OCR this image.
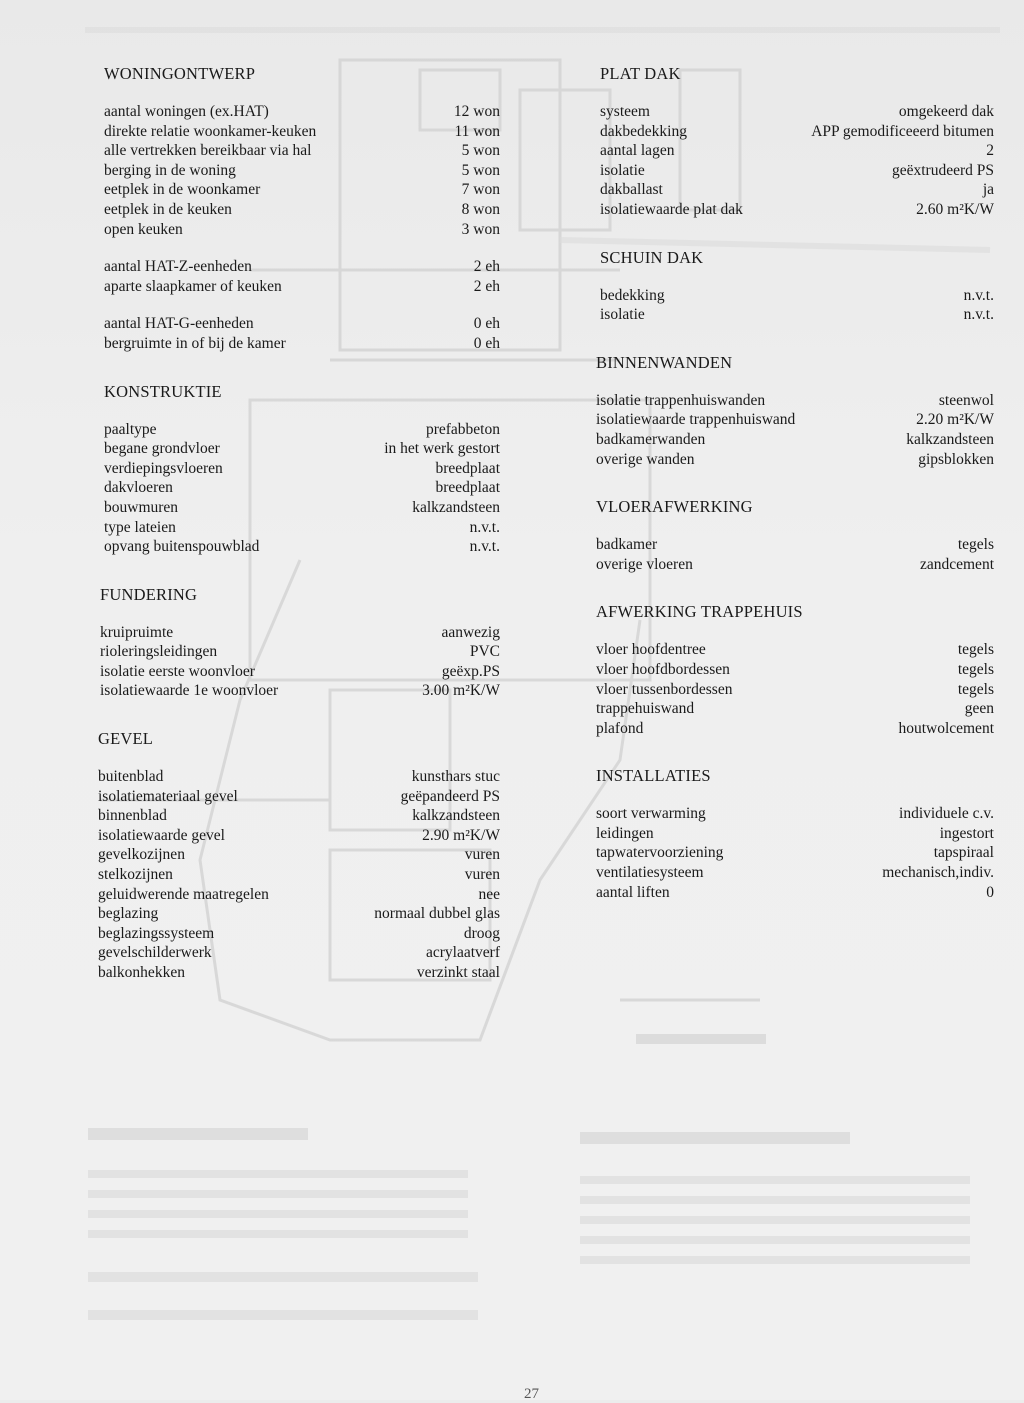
WONINGONTWERP
aantal woningen (ex.HAT)	12 won
direkte relatie woonkamer-keuken	11 won
alle vertrekken bereikbaar via hal	5 won
berging in de woning	5 won
eetplek in de woonkamer	7 won
eetplek in de keuken	8 won
open keuken	3 won
aantal HAT-Z-eenheden	2 eh
aparte slaapkamer of keuken	2 eh
aantal HAT-G-eenheden	0 eh
bergruimte in of bij de kamer	0 eh
KONSTRUKTIE
paaltype	prefabbeton
begane grondvloer	in het werk gestort
verdiepingsvloeren	breedplaat
dakvloeren	breedplaat
bouwmuren	kalkzandsteen
type lateien	n.v.t.
opvang buitenspouwblad	n.v.t.
FUNDERING
kruipruimte	aanwezig
rioleringsleidingen	PVC
isolatie eerste woonvloer	geëxp.PS
isolatiewaarde 1e woonvloer	3.00 m²K/W
GEVEL
buitenblad	kunsthars stuc
isolatiemateriaal gevel	geëpandeerd PS
binnenblad	kalkzandsteen
isolatiewaarde gevel	2.90 m²K/W
gevelkozijnen	vuren
stelkozijnen	vuren
geluidwerende maatregelen	nee
beglazing	normaal dubbel glas
beglazingssysteem	droog
gevelschilderwerk	acrylaatverf
balkonhekken	verzinkt staal
PLAT DAK
systeem	omgekeerd dak
dakbedekking	APP gemodificeeerd bitumen
aantal lagen	2
isolatie	geëxtrudeerd PS
dakballast	ja
isolatiewaarde plat dak	2.60 m²K/W
SCHUIN DAK
bedekking	n.v.t.
isolatie	n.v.t.
BINNENWANDEN
isolatie trappenhuiswanden	steenwol
isolatiewaarde trappenhuiswand	2.20 m²K/W
badkamerwanden	kalkzandsteen
overige wanden	gipsblokken
VLOERAFWERKING
badkamer	tegels
overige vloeren	zandcement
AFWERKING TRAPPEHUIS
vloer hoofdentree	tegels
vloer hoofdbordessen	tegels
vloer tussenbordessen	tegels
trappehuiswand	geen
plafond	houtwolcement
INSTALLATIES
soort verwarming	individuele c.v.
leidingen	ingestort
tapwatervoorziening	tapspiraal
ventilatiesysteem	mechanisch,indiv.
aantal liften	0
27
